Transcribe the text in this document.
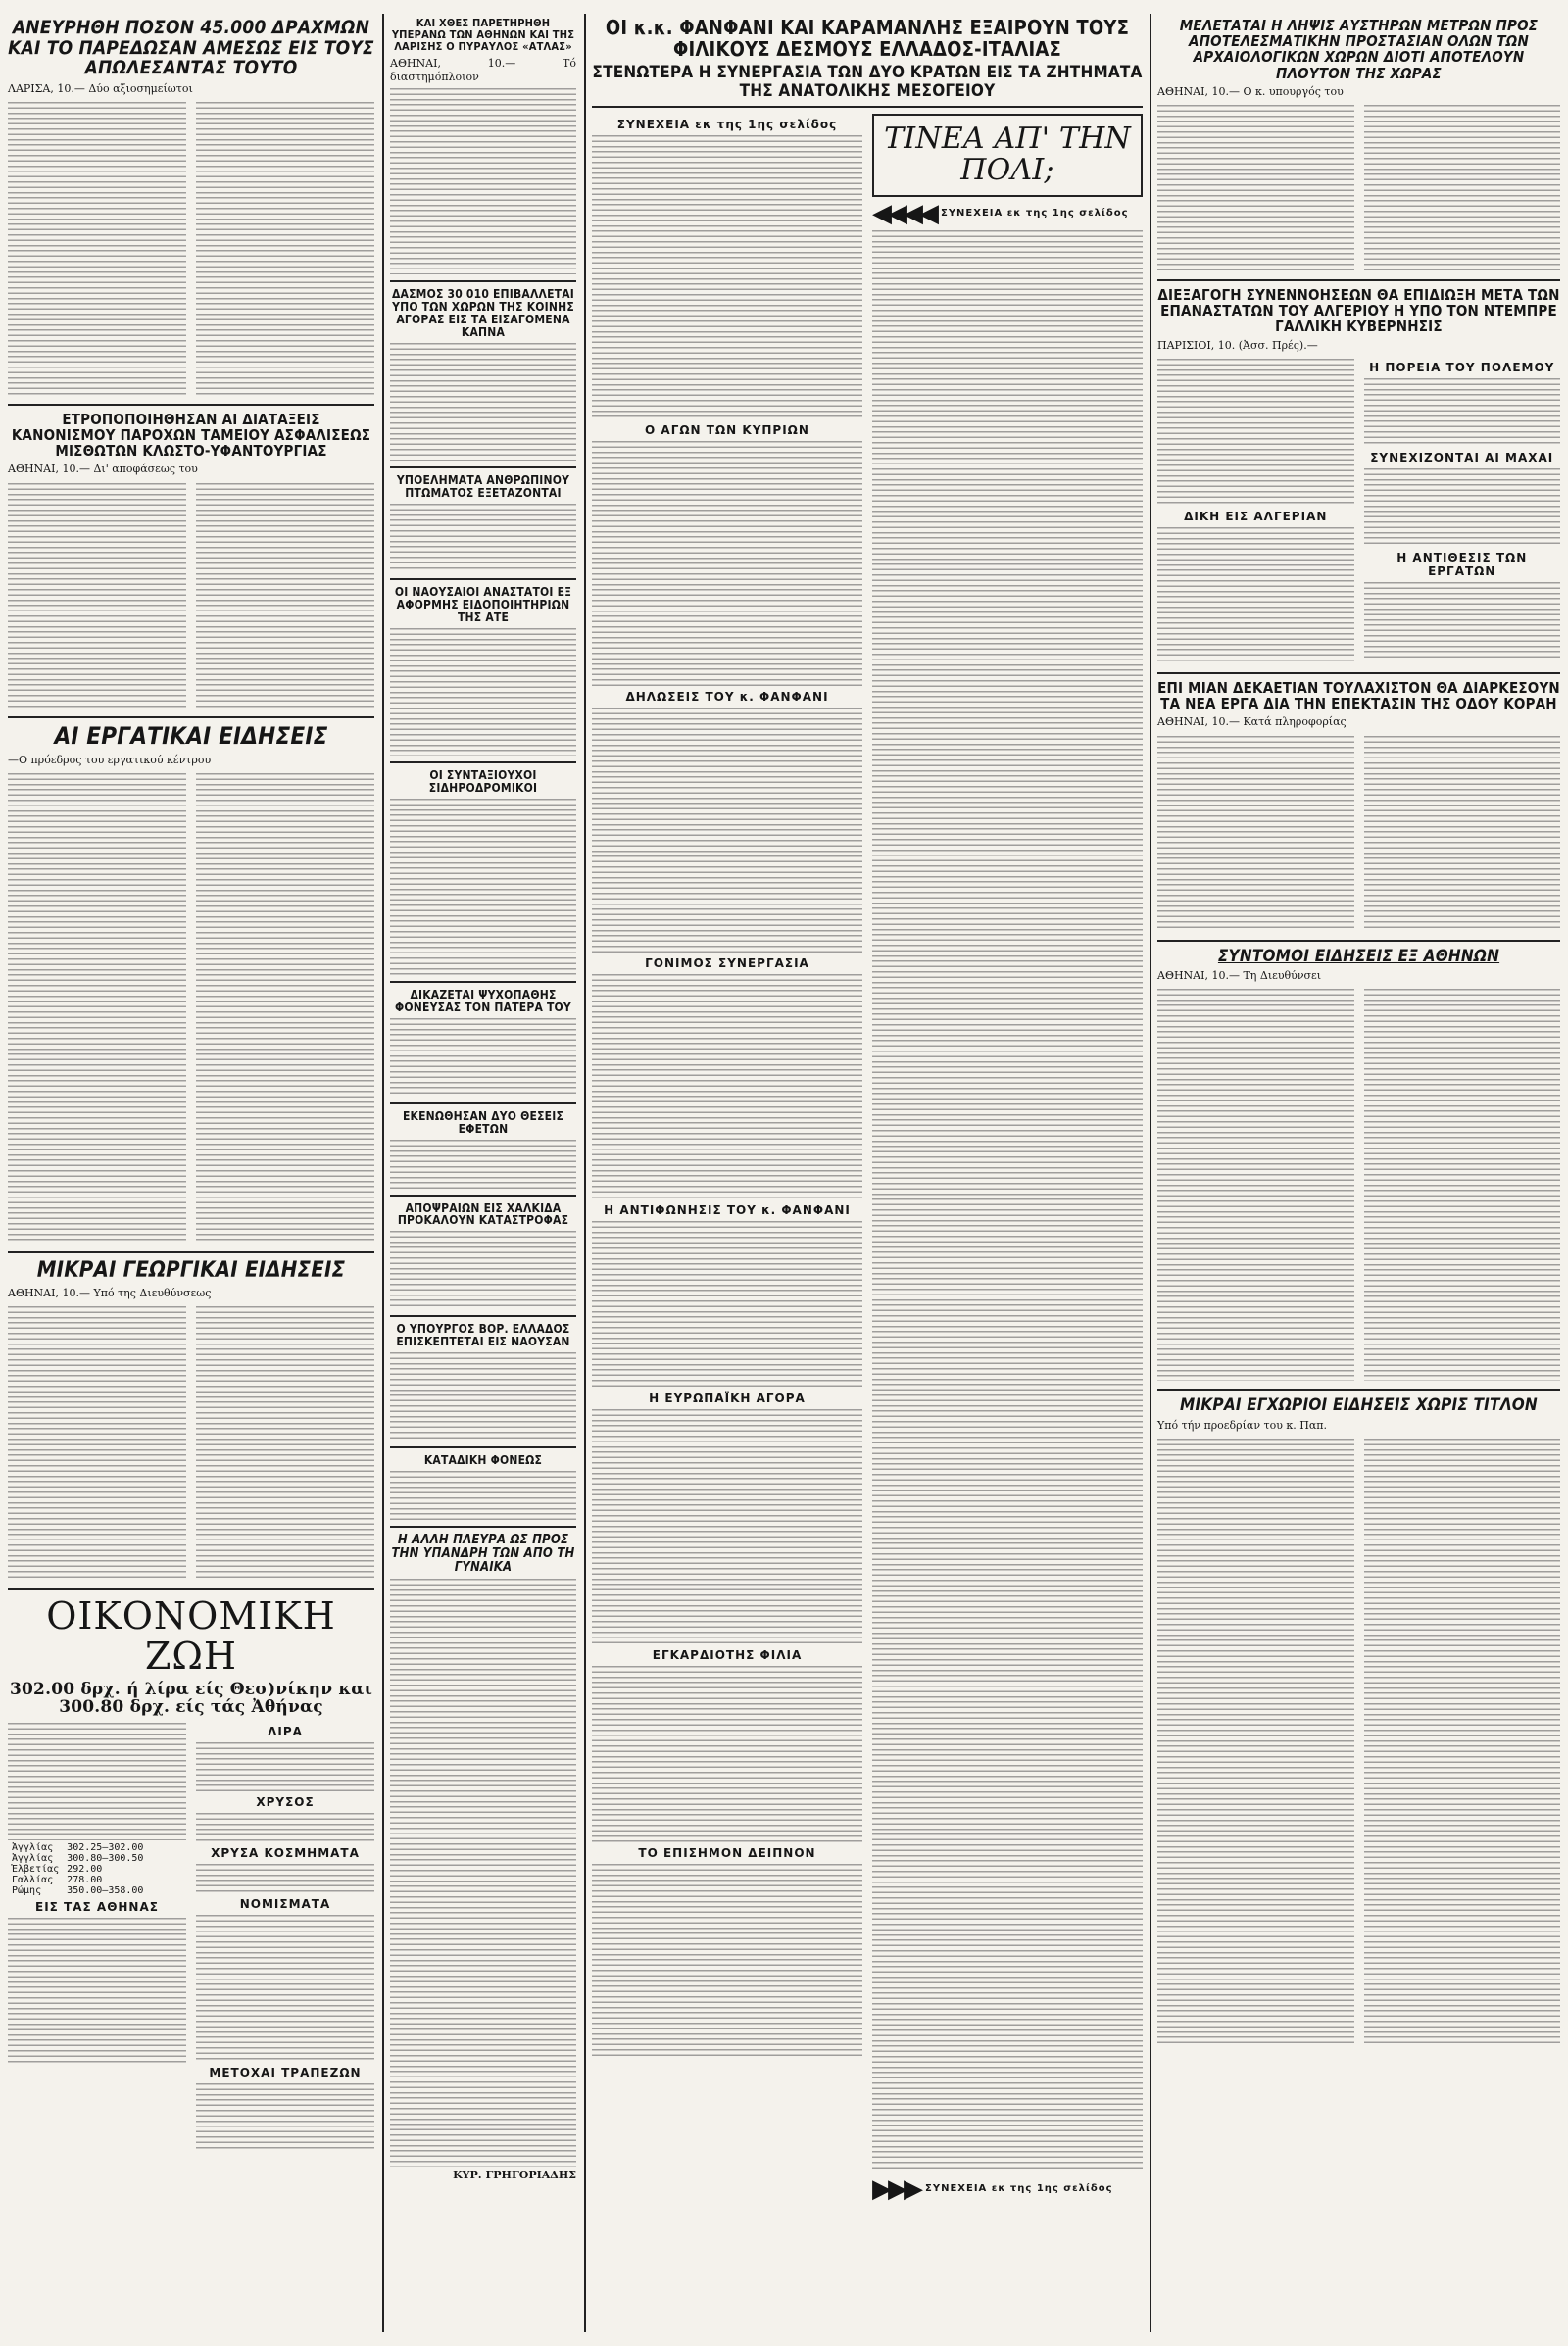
ΑΝΕΥΡΗΘΗ ΠΟΣΟΝ 45.000 ΔΡΑΧΜΩΝ ΚΑΙ ΤΟ ΠΑΡΕΔΩΣΑΝ ΑΜΕΣΩΣ ΕΙΣ ΤΟΥΣ ΑΠΩΛΕΣΑΝΤΑΣ ΤΟΥΤΟ
ΛΑΡΙΣΑ, 10.— Δύο αξιοσημείωτοι
ΕΤΡΟΠΟΠΟΙΗΘΗΣΑΝ ΑΙ ΔΙΑΤΑΞΕΙΣ ΚΑΝΟΝΙΣΜΟΥ ΠΑΡΟΧΩΝ ΤΑΜΕΙΟΥ ΑΣΦΑΛΙΣΕΩΣ ΜΙΣΘΩΤΩΝ ΚΛΩΣΤΟ-ΥΦΑΝΤΟΥΡΓΙΑΣ
ΑΘΗΝΑΙ, 10.— Δι' αποφάσεως του
ΑΙ ΕΡΓΑΤΙΚΑΙ ΕΙΔΗΣΕΙΣ
—Ο πρόεδρος του εργατικού κέντρου
ΜΙΚΡΑΙ ΓΕΩΡΓΙΚΑΙ ΕΙΔΗΣΕΙΣ
ΑΘΗΝΑΙ, 10.— Υπό της Διευθύνσεως
ΟΙΚΟΝΟΜΙΚΗ ΖΩΗ
302.00 δρχ. ή λίρα είς Θεσ)νίκην και 300.80 δρχ. είς τάς Ἀθήνας
Ἀγγλίας	302.25—302.00
Ἀγγλίας	300.80—300.50
Ἑλβετίας	292.00
Γαλλίας	278.00
Ρώμης	350.00—358.00
ΕΙΣ ΤΑΣ ΑΘΗΝΑΣ
ΛΙΡΑ
ΧΡΥΣΟΣ
ΧΡΥΣΑ ΚΟΣΜΗΜΑΤΑ
ΝΟΜΙΣΜΑΤΑ
ΜΕΤΟΧΑΙ ΤΡΑΠΕΖΩΝ
ΚΑΙ ΧΘΕΣ ΠΑΡΕΤΗΡΗΘΗ ΥΠΕΡΑΝΩ ΤΩΝ ΑΘΗΝΩΝ ΚΑΙ ΤΗΣ ΛΑΡΙΣΗΣ Ο ΠΥΡΑΥΛΟΣ «ΑΤΛΑΣ»
ΑΘΗΝΑΙ, 10.— Τό διαστημόπλοιον
ΔΑΣΜΟΣ 30 010 ΕΠΙΒΑΛΛΕΤΑΙ ΥΠΟ ΤΩΝ ΧΩΡΩΝ ΤΗΣ ΚΟΙΝΗΣ ΑΓΟΡΑΣ ΕΙΣ ΤΑ ΕΙΣΑΓΟΜΕΝΑ ΚΑΠΝΑ
ΥΠΟΕΛΗΜΑΤΑ ΑΝΘΡΩΠΙΝΟΥ ΠΤΩΜΑΤΟΣ ΕΞΕΤΑΖΟΝΤΑΙ
ΟΙ ΝΑΟΥΣΑΙΟΙ ΑΝΑΣΤΑΤΟΙ ΕΞ ΑΦΟΡΜΗΣ ΕΙΔΟΠΟΙΗΤΗΡΙΩΝ ΤΗΣ ΑΤΕ
ΟΙ ΣΥΝΤΑΞΙΟΥΧΟΙ ΣΙΔΗΡΟΔΡΟΜΙΚΟΙ
ΔΙΚΑΖΕΤΑΙ ΨΥΧΟΠΑΘΗΣ ΦΟΝΕΥΣΑΣ ΤΟΝ ΠΑΤΕΡΑ ΤΟΥ
ΕΚΕΝΩΘΗΣΑΝ ΔΥΟ ΘΕΣΕΙΣ ΕΦΕΤΩΝ
ΑΠΟΨΡΑΙΩΝ ΕΙΣ ΧΑΛΚΙΔΑ ΠΡΟΚΑΛΟΥΝ ΚΑΤΑΣΤΡΟΦΑΣ
Ο ΥΠΟΥΡΓΟΣ ΒΟΡ. ΕΛΛΑΔΟΣ ΕΠΙΣΚΕΠΤΕΤΑΙ ΕΙΣ ΝΑΟΥΣΑΝ
ΚΑΤΑΔΙΚΗ ΦΟΝΕΩΣ
Η ΑΛΛΗ ΠΛΕΥΡΑ ΩΣ ΠΡΟΣ ΤΗΝ ΥΠΑΝΔΡΗ ΤΩΝ ΑΠΟ ΤΗ ΓΥΝΑΙΚΑ
ΚΥΡ. ΓΡΗΓΟΡΙΑΔΗΣ
ΟΙ κ.κ. ΦΑΝΦΑΝΙ ΚΑΙ ΚΑΡΑΜΑΝΛΗΣ ΕΞΑΙΡΟΥΝ ΤΟΥΣ ΦΙΛΙΚΟΥΣ ΔΕΣΜΟΥΣ ΕΛΛΑΔΟΣ-ΙΤΑΛΙΑΣ
ΣΤΕΝΩΤΕΡΑ Η ΣΥΝΕΡΓΑΣΙΑ ΤΩΝ ΔΥΟ ΚΡΑΤΩΝ ΕΙΣ ΤΑ ΖΗΤΗΜΑΤΑ ΤΗΣ ΑΝΑΤΟΛΙΚΗΣ ΜΕΣΟΓΕΙΟΥ
ΣΥΝΕΧΕΙΑ εκ της 1ης σελίδος
Ο ΑΓΩΝ ΤΩΝ ΚΥΠΡΙΩΝ
ΔΗΛΩΣΕΙΣ ΤΟΥ κ. ΦΑΝΦΑΝΙ
ΓΟΝΙΜΟΣ ΣΥΝΕΡΓΑΣΙΑ
Η ΑΝΤΙΦΩΝΗΣΙΣ ΤΟΥ κ. ΦΑΝΦΑΝΙ
Η ΕΥΡΩΠΑΪΚΗ ΑΓΟΡΑ
ΕΓΚΑΡΔΙΟΤΗΣ ΦΙΛΙΑ
ΤΟ ΕΠΙΣΗΜΟΝ ΔΕΙΠΝΟΝ
ΤΙΝΕΑ ΑΠ' ΤΗΝ ΠΟΛΙ;
◀◀◀◀ ΣΥΝΕΧΕΙΑ εκ της 1ης σελίδος
▶▶▶ ΣΥΝΕΧΕΙΑ εκ της 1ης σελίδος
ΜΕΛΕΤΑΤΑΙ Η ΛΗΨΙΣ ΑΥΣΤΗΡΩΝ ΜΕΤΡΩΝ ΠΡΟΣ ΑΠΟΤΕΛΕΣΜΑΤΙΚΗΝ ΠΡΟΣΤΑΣΙΑΝ ΟΛΩΝ ΤΩΝ ΑΡΧΑΙΟΛΟΓΙΚΩΝ ΧΩΡΩΝ ΔΙΟΤΙ ΑΠΟΤΕΛΟΥΝ ΠΛΟΥΤΟΝ ΤΗΣ ΧΩΡΑΣ
ΑΘΗΝΑΙ, 10.— Ο κ. υπουργός του
ΔΙΕΞΑΓΟΓΗ ΣΥΝΕΝΝΟΗΣΕΩΝ ΘΑ ΕΠΙΔΙΩΞΗ ΜΕΤΑ ΤΩΝ ΕΠΑΝΑΣΤΑΤΩΝ ΤΟΥ ΑΛΓΕΡΙΟΥ Η ΥΠΟ ΤΟΝ ΝΤΕΜΠΡΕ ΓΑΛΛΙΚΗ ΚΥΒΕΡΝΗΣΙΣ
ΠΑΡΙΣΙΟΙ, 10. (Ἀσσ. Πρές).—
ΔΙΚΗ ΕΙΣ ΑΛΓΕΡΙΑΝ
Η ΠΟΡΕΙΑ ΤΟΥ ΠΟΛΕΜΟΥ
ΣΥΝΕΧΙΖΟΝΤΑΙ ΑΙ ΜΑΧΑΙ
Η ΑΝΤΙΘΕΣΙΣ ΤΩΝ ΕΡΓΑΤΩΝ
ΕΠΙ ΜΙΑΝ ΔΕΚΑΕΤΙΑΝ ΤΟΥΛΑΧΙΣΤΟΝ ΘΑ ΔΙΑΡΚΕΣΟΥΝ ΤΑ ΝΕΑ ΕΡΓΑ ΔΙΑ ΤΗΝ ΕΠΕΚΤΑΣΙΝ ΤΗΣ ΟΔΟΥ ΚΟΡΑΗ
ΑΘΗΝΑΙ, 10.— Κατά πληροφορίας
ΣΥΝΤΟΜΟΙ ΕΙΔΗΣΕΙΣ ΕΞ ΑΘΗΝΩΝ
ΑΘΗΝΑΙ, 10.— Τη Διευθύνσει
ΜΙΚΡΑΙ ΕΓΧΩΡΙΟΙ ΕΙΔΗΣΕΙΣ ΧΩΡΙΣ ΤΙΤΛΟΝ
Υπό τήν προεδρίαν του κ. Παπ.
